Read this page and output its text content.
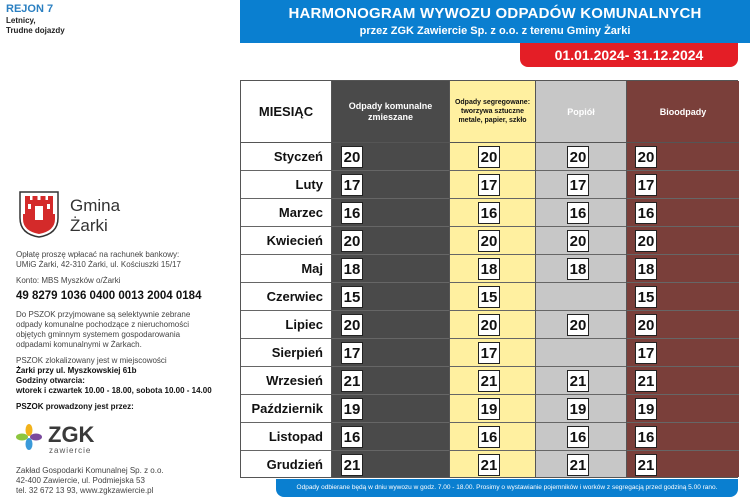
REJON 7
Letnicy,
Trudne dojazdy
HARMONOGRAM WYWOZU ODPADÓW KOMUNALNYCH
przez ZGK Zawiercie Sp. z o.o. z terenu Gminy Żarki
01.01.2024- 31.12.2024
MIESIĄC
Styczeń
Luty
Marzec
Kwiecień
Maj
Czerwiec
Lipiec
Sierpień
Wrzesień
Październik
Listopad
Grudzień
Odpady komunalne zmieszane
20
17
16
20
18
15
20
17
21
19
16
21
Odpady segregowane: tworzywa sztuczne metale, papier, szkło
20
17
16
20
18
15
20
17
21
19
16
21
Popiół
20
17
16
20
18
20
21
19
16
21
Bioodpady
20
17
16
20
18
15
20
17
21
19
16
21
Odpady odbierane będą w dniu wywozu w godz. 7.00 - 18.00. Prosimy o wystawianie pojemników i worków z segregacją przed godziną 5.00 rano.
Gmina
Żarki
Opłatę proszę wpłacać na rachunek bankowy:
UMiG Żarki, 42-310 Żarki, ul. Kościuszki 15/17
Konto: MBS Myszków o/Żarki
49 8279 1036 0400 0013 2004 0184
Do PSZOK przyjmowane są selektywnie zebrane
odpady komunalne pochodzące z nieruchomości
objętych gminnym systemem gospodarowania
odpadami komunalnymi w Żarkach.
PSZOK zlokalizowany jest w miejscowości
Żarki przy ul. Myszkowskiej 61b
Godziny otwarcia:
wtorek i czwartek 10.00 - 18.00, sobota 10.00 - 14.00
PSZOK prowadzony jest przez:
ZGK
zawiercie
Zakład Gospodarki Komunalnej Sp. z o.o.
42-400 Zawiercie, ul. Podmiejska 53
tel. 32 672 13 93, www.zgkzawiercie.pl
